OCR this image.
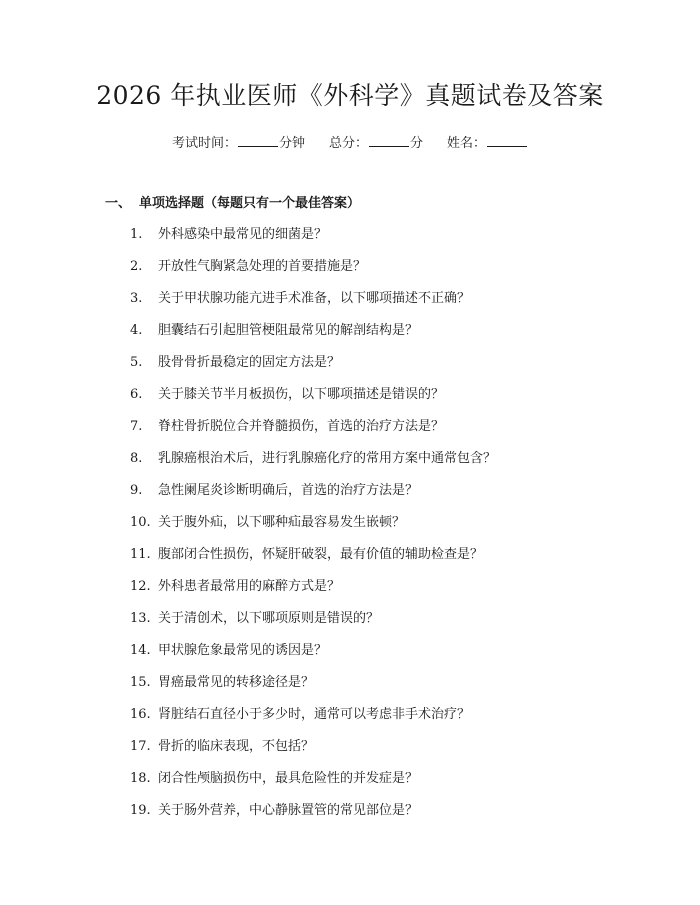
2026 年执业医师《外科学》真题试卷及答案
考试时间：	分钟 总分：	分 姓名：
一、 单项选择题（每题只有一个最佳答案）
1. 外科感染中最常见的细菌是？
2. 开放性气胸紧急处理的首要措施是？
3. 关于甲状腺功能亢进手术准备，以下哪项描述不正确？
4. 胆囊结石引起胆管梗阻最常见的解剖结构是？
5. 股骨骨折最稳定的固定方法是？
6. 关于膝关节半月板损伤，以下哪项描述是错误的？
7. 脊柱骨折脱位合并脊髓损伤，首选的治疗方法是？
8. 乳腺癌根治术后，进行乳腺癌化疗的常用方案中通常包含？
9. 急性阑尾炎诊断明确后，首选的治疗方法是？
10. 关于腹外疝，以下哪种疝最容易发生嵌顿？
11. 腹部闭合性损伤，怀疑肝破裂，最有价值的辅助检查是？
12. 外科患者最常用的麻醉方式是？
13. 关于清创术，以下哪项原则是错误的？
14. 甲状腺危象最常见的诱因是？
15. 胃癌最常见的转移途径是？
16. 肾脏结石直径小于多少时，通常可以考虑非手术治疗？
17. 骨折的临床表现，不包括？
18. 闭合性颅脑损伤中，最具危险性的并发症是？
19. 关于肠外营养，中心静脉置管的常见部位是？
